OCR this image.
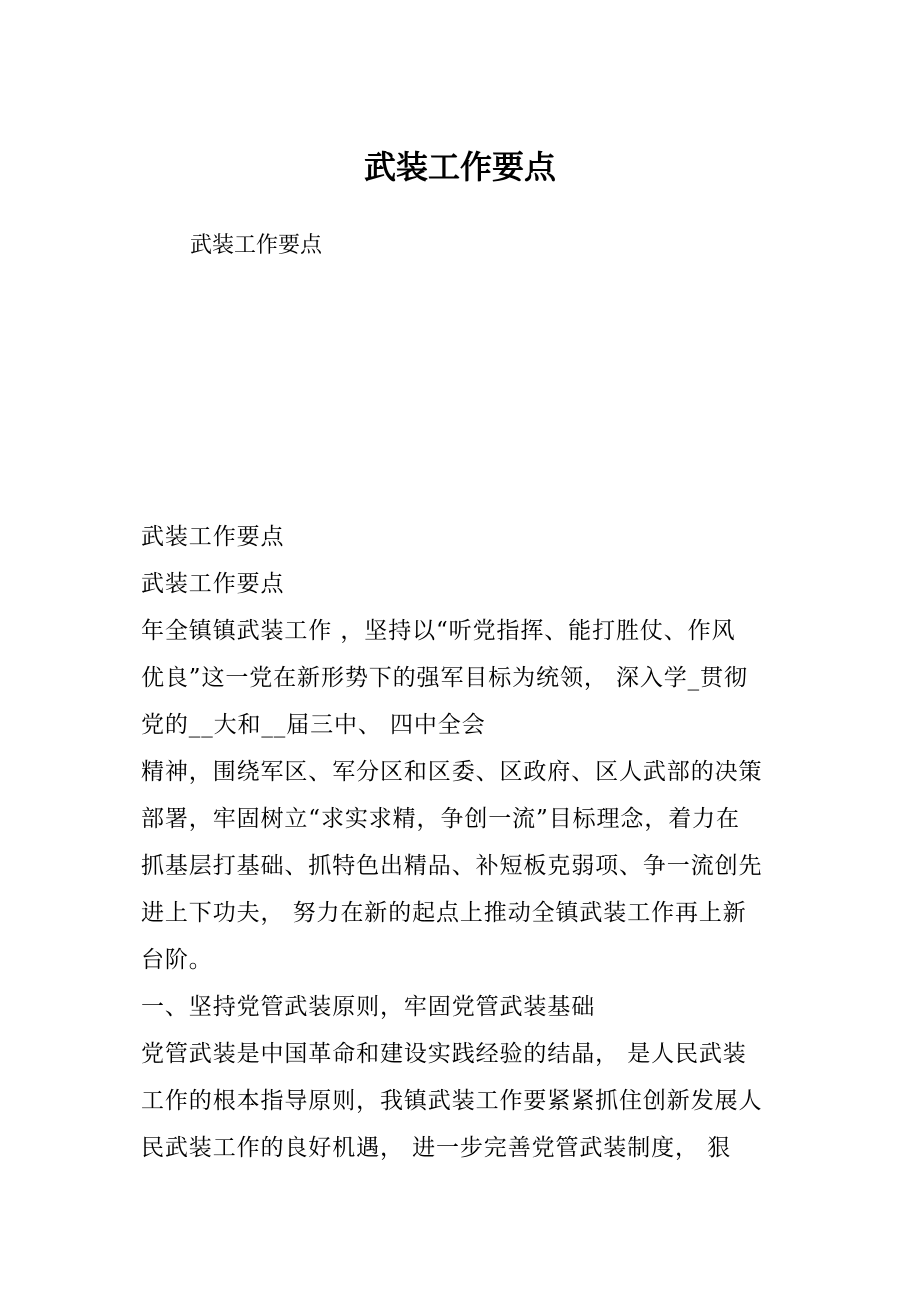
武装工作要点

武装工作要点

武装工作要点
武装工作要点
年全镇镇武装工作 ，坚持以“听党指挥、能打胜仗、作风
优良”这一党在新形势下的强军目标为统领， 深入学_贯彻
党的__大和__届三中、 四中全会
精神，围绕军区、军分区和区委、区政府、区人武部的决策
部署，牢固树立“求实求精，争创一流”目标理念，着力在
抓基层打基础、抓特色出精品、补短板克弱项、争一流创先
进上下功夫， 努力在新的起点上推动全镇武装工作再上新
台阶。
一、坚持党管武装原则，牢固党管武装基础
党管武装是中国革命和建设实践经验的结晶， 是人民武装
工作的根本指导原则，我镇武装工作要紧紧抓住创新发展人
民武装工作的良好机遇， 进一步完善党管武装制度， 狠
